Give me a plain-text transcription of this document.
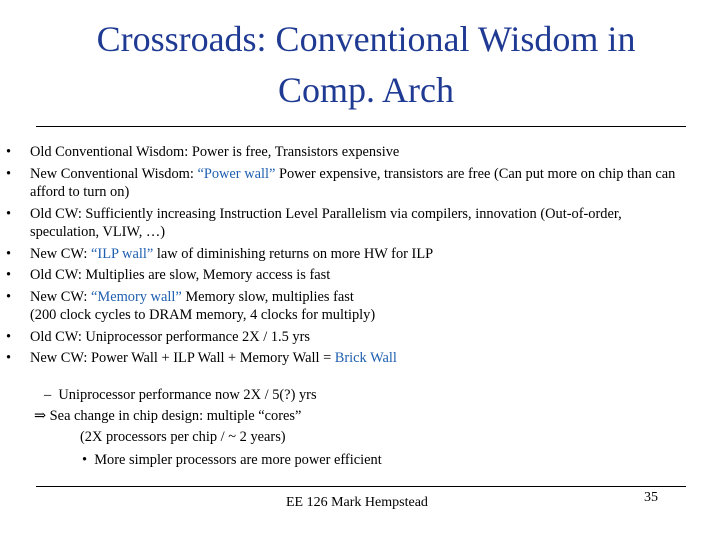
Crossroads: Conventional Wisdom in
Comp. Arch
• Old Conventional Wisdom: Power is free, Transistors expensive
• New Conventional Wisdom: “Power wall” Power expensive, transistors are free (Can put more on chip than can afford to turn on)
• Old CW: Sufficiently increasing Instruction Level Parallelism via compilers, innovation (Out-of-order, speculation, VLIW, …)
• New CW: “ILP wall” law of diminishing returns on more HW for ILP
• Old CW: Multiplies are slow, Memory access is fast
• New CW: “Memory wall” Memory slow, multiplies fast
(200 clock cycles to DRAM memory, 4 clocks for multiply)
• Old CW: Uniprocessor performance 2X / 1.5 yrs
• New CW: Power Wall + ILP Wall + Memory Wall = Brick Wall
– Uniprocessor performance now 2X / 5(?) yrs
⇒ Sea change in chip design: multiple “cores”
(2X processors per chip / ~ 2 years)
• More simpler processors are more power efficient
EE 126 Mark Hempstead	35
